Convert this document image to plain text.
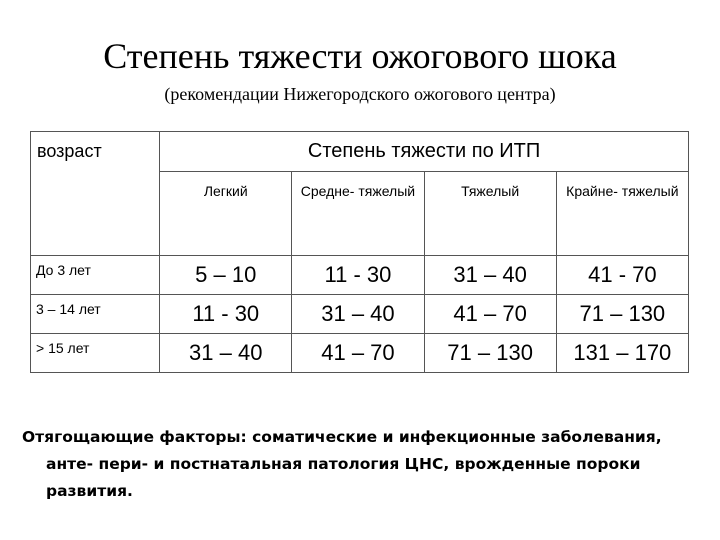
Степень тяжести ожогового шока
(рекомендации Нижегородского ожогового центра)
возраст	Степень тяжести по ИТП			
	Легкий	Средне- тяжелый	Тяжелый	Крайне- тяжелый
До 3 лет	5 – 10	11 - 30	31 – 40	41 - 70
3 – 14 лет	11 - 30	31 – 40	41 – 70	71 – 130
> 15 лет	31 – 40	41 – 70	71 – 130	131 – 170
Отягощающие факторы: соматические и инфекционные заболевания, анте- пери- и постнатальная патология ЦНС, врожденные пороки развития.
